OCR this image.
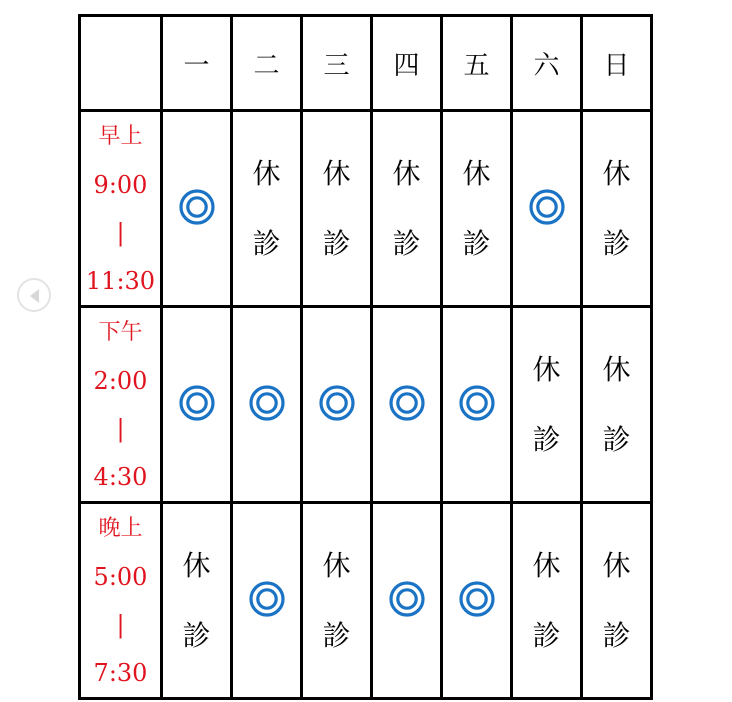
	一	二	三	四	五	六	日

早上
9:00
|
11:30		休診	休診	休診	休診		休診

下午
2:00
|
4:30						休診	休診

晚上
5:00
|
7:30	休診		休診			休診	休診
